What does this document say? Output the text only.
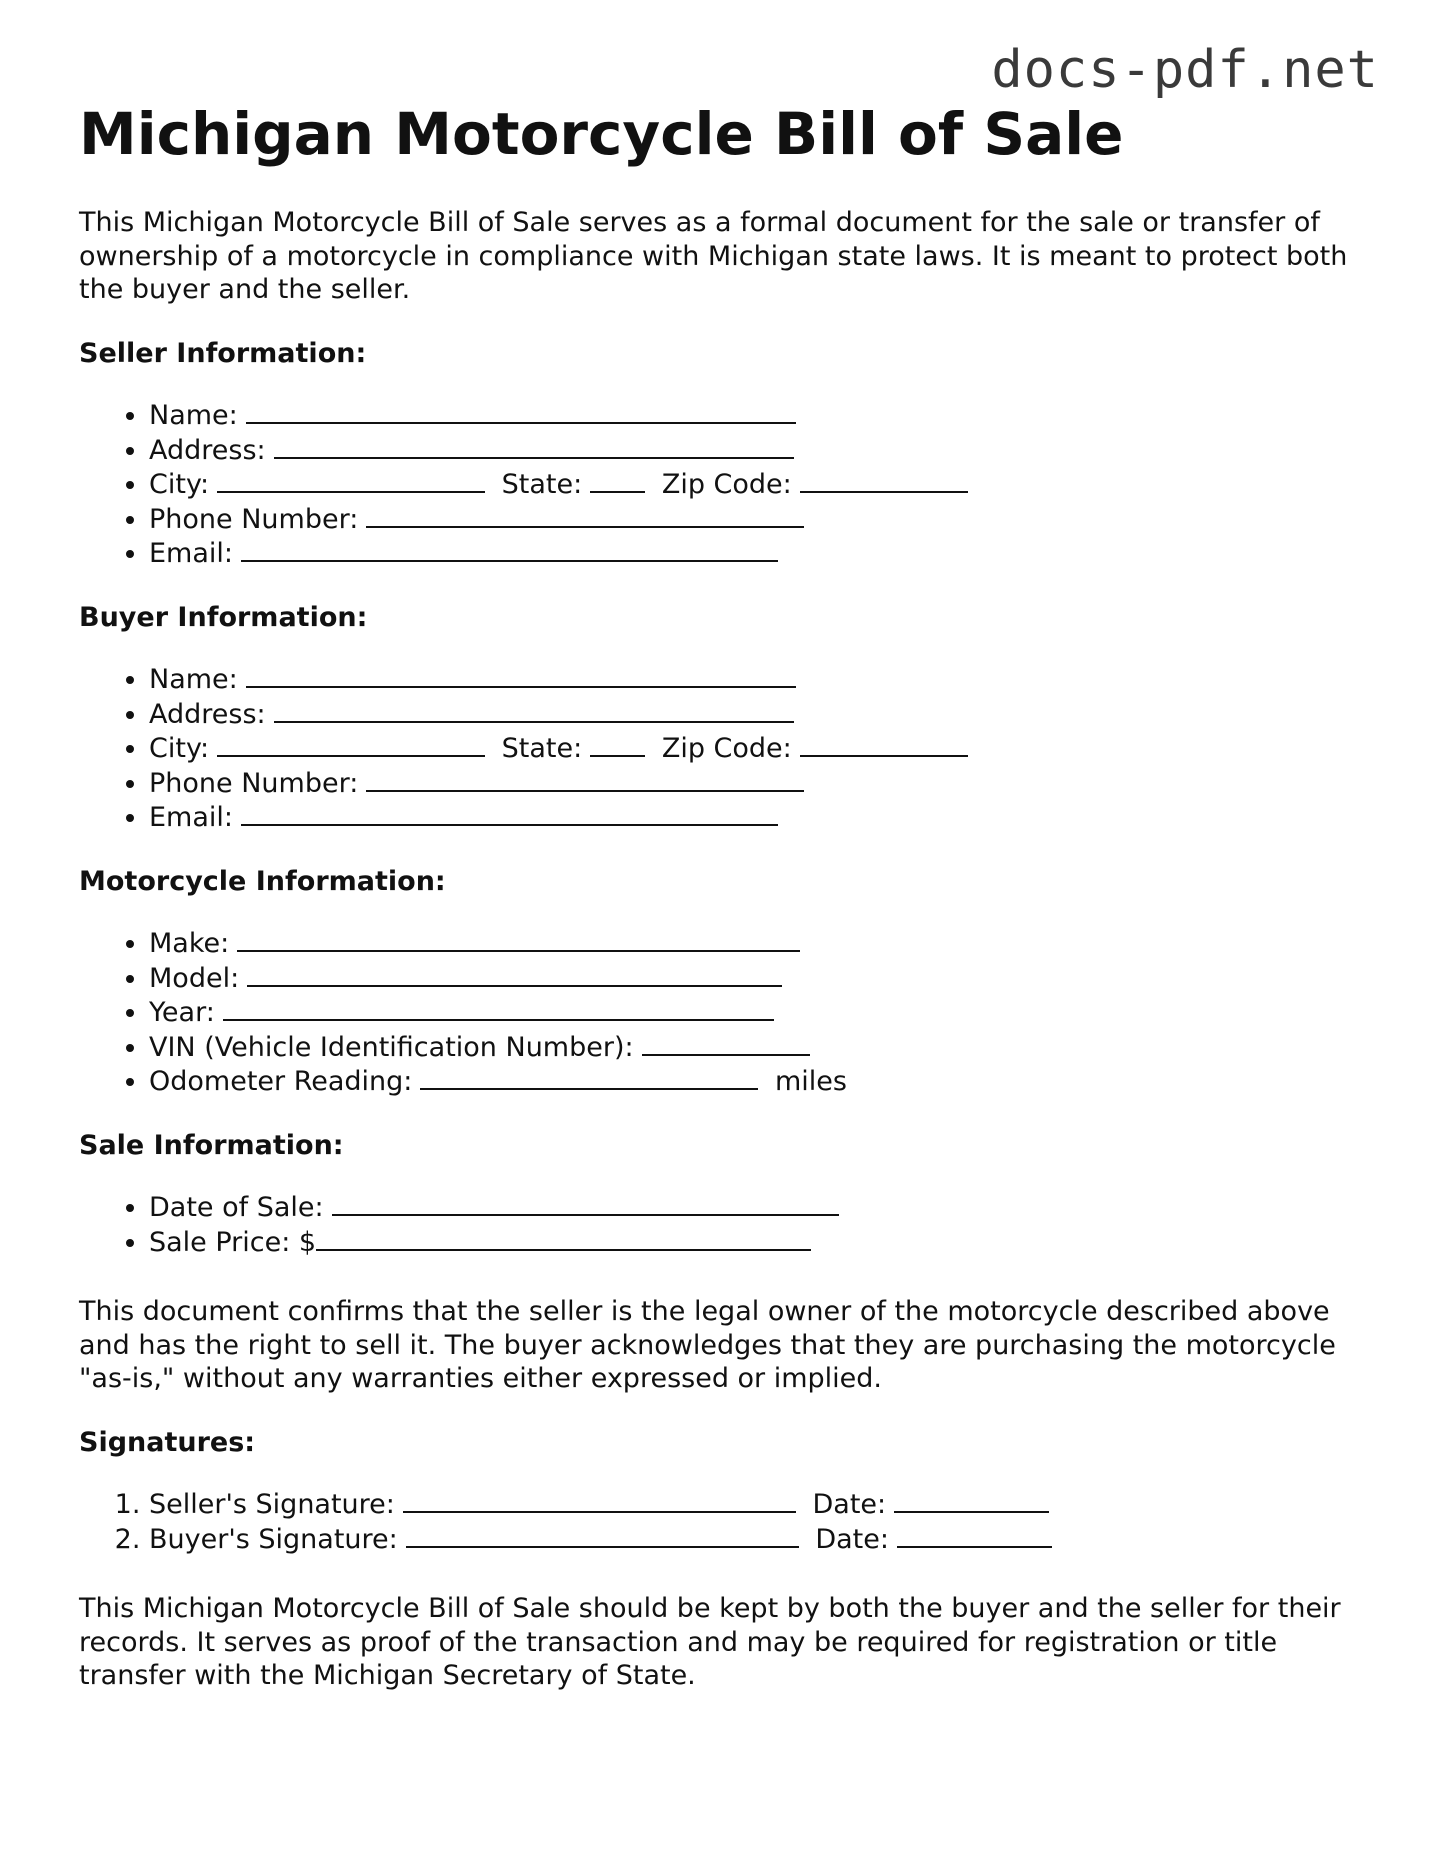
docs-pdf.net
Michigan Motorcycle Bill of Sale

This Michigan Motorcycle Bill of Sale serves as a formal document for the sale or transfer of ownership of a motorcycle in compliance with Michigan state laws. It is meant to protect both the buyer and the seller.

Seller Information:
• Name:
• Address:
• City:	State:	Zip Code:
• Phone Number:
• Email:
Buyer Information:
• Name:
• Address:
• City:	State:	Zip Code:
• Phone Number:
• Email:
Motorcycle Information:
• Make:
• Model:
• Year:
• VIN (Vehicle Identification Number):
• Odometer Reading:	miles
Sale Information:
• Date of Sale:
• Sale Price: $

This document confirms that the seller is the legal owner of the motorcycle described above and has the right to sell it. The buyer acknowledges that they are purchasing the motorcycle "as-is," without any warranties either expressed or implied.

Signatures:
1. Seller's Signature:	Date:
2. Buyer's Signature:	Date:

This Michigan Motorcycle Bill of Sale should be kept by both the buyer and the seller for their records. It serves as proof of the transaction and may be required for registration or title transfer with the Michigan Secretary of State.
